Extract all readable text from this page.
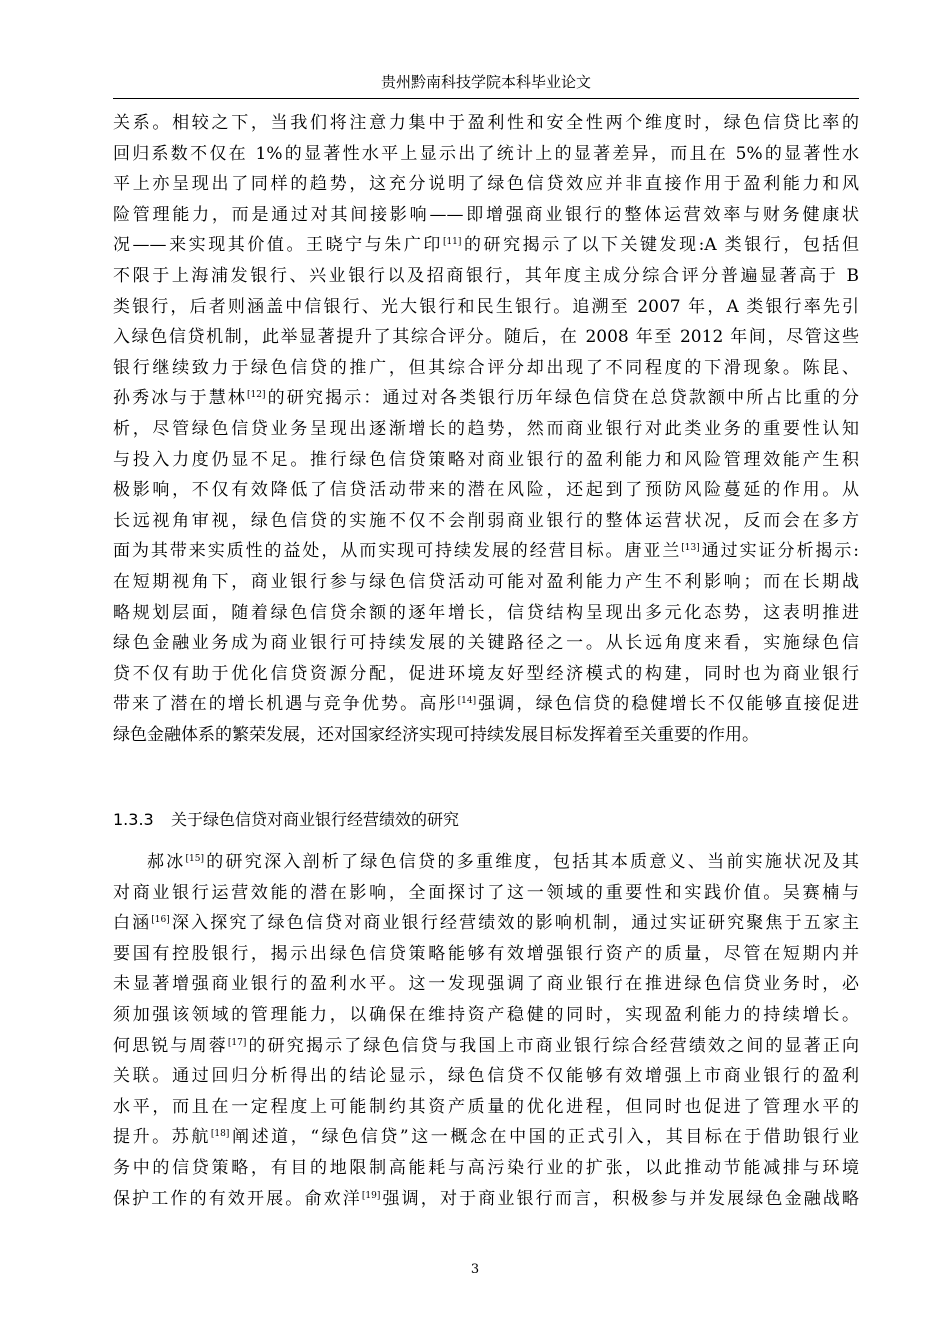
贵州黔南科技学院本科毕业论文
关系。相较之下，当我们将注意力集中于盈利性和安全性两个维度时，绿色信贷比率的
回归系数不仅在 1%的显著性水平上显示出了统计上的显著差异，而且在 5%的显著性水
平上亦呈现出了同样的趋势，这充分说明了绿色信贷效应并非直接作用于盈利能力和风
险管理能力，而是通过对其间接影响——即增强商业银行的整体运营效率与财务健康状
况——来实现其价值。王晓宁与朱广印[11]的研究揭示了以下关键发现:A 类银行，包括但
不限于上海浦发银行、兴业银行以及招商银行，其年度主成分综合评分普遍显著高于 B
类银行，后者则涵盖中信银行、光大银行和民生银行。追溯至 2007 年，A 类银行率先引
入绿色信贷机制，此举显著提升了其综合评分。随后，在 2008 年至 2012 年间，尽管这些
银行继续致力于绿色信贷的推广，但其综合评分却出现了不同程度的下滑现象。陈昆、
孙秀冰与于慧林[12]的研究揭示：通过对各类银行历年绿色信贷在总贷款额中所占比重的分
析，尽管绿色信贷业务呈现出逐渐增长的趋势，然而商业银行对此类业务的重要性认知
与投入力度仍显不足。推行绿色信贷策略对商业银行的盈利能力和风险管理效能产生积
极影响，不仅有效降低了信贷活动带来的潜在风险，还起到了预防风险蔓延的作用。从
长远视角审视，绿色信贷的实施不仅不会削弱商业银行的整体运营状况，反而会在多方
面为其带来实质性的益处，从而实现可持续发展的经营目标。唐亚兰[13]通过实证分析揭示:
在短期视角下，商业银行参与绿色信贷活动可能对盈利能力产生不利影响；而在长期战
略规划层面，随着绿色信贷余额的逐年增长，信贷结构呈现出多元化态势，这表明推进
绿色金融业务成为商业银行可持续发展的关键路径之一。从长远角度来看，实施绿色信
贷不仅有助于优化信贷资源分配，促进环境友好型经济模式的构建，同时也为商业银行
带来了潜在的增长机遇与竞争优势。高彤[14]强调，绿色信贷的稳健增长不仅能够直接促进
绿色金融体系的繁荣发展，还对国家经济实现可持续发展目标发挥着至关重要的作用。
1.3.3 关于绿色信贷对商业银行经营绩效的研究
郝冰[15]的研究深入剖析了绿色信贷的多重维度，包括其本质意义、当前实施状况及其
对商业银行运营效能的潜在影响，全面探讨了这一领域的重要性和实践价值。吴赛楠与
白涵[16]深入探究了绿色信贷对商业银行经营绩效的影响机制，通过实证研究聚焦于五家主
要国有控股银行，揭示出绿色信贷策略能够有效增强银行资产的质量，尽管在短期内并
未显著增强商业银行的盈利水平。这一发现强调了商业银行在推进绿色信贷业务时，必
须加强该领域的管理能力，以确保在维持资产稳健的同时，实现盈利能力的持续增长。
何思锐与周蓉[17]的研究揭示了绿色信贷与我国上市商业银行综合经营绩效之间的显著正向
关联。通过回归分析得出的结论显示，绿色信贷不仅能够有效增强上市商业银行的盈利
水平，而且在一定程度上可能制约其资产质量的优化进程，但同时也促进了管理水平的
提升。苏航[18]阐述道，“绿色信贷”这一概念在中国的正式引入，其目标在于借助银行业
务中的信贷策略，有目的地限制高能耗与高污染行业的扩张，以此推动节能减排与环境
保护工作的有效开展。俞欢洋[19]强调，对于商业银行而言，积极参与并发展绿色金融战略
3
